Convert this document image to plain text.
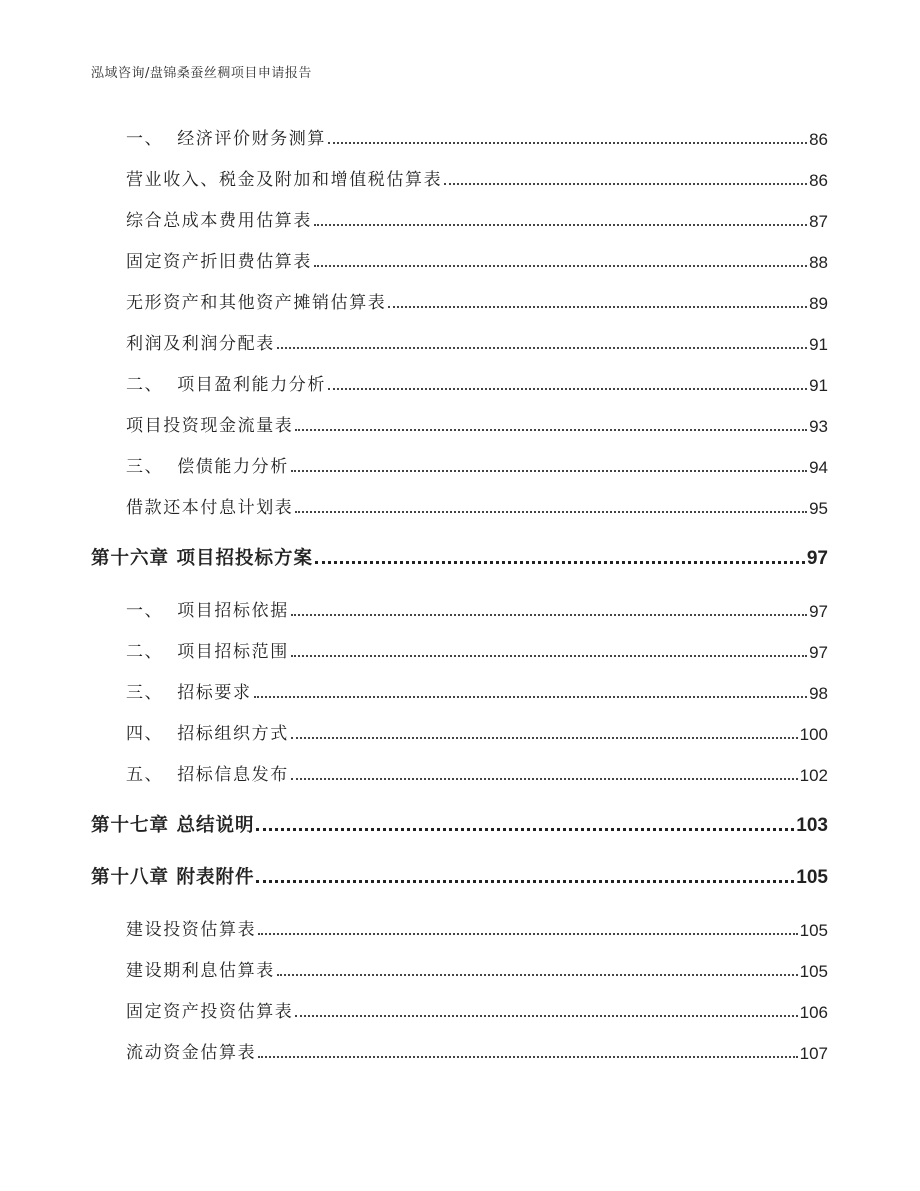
泓域咨询/盘锦桑蚕丝稠项目申请报告
一、 经济评价财务测算	86
营业收入、税金及附加和增值税估算表	86
综合总成本费用估算表	87
固定资产折旧费估算表	88
无形资产和其他资产摊销估算表	89
利润及利润分配表	91
二、 项目盈利能力分析	91
项目投资现金流量表	93
三、 偿债能力分析	94
借款还本付息计划表	95
第十六章 项目招投标方案	97
一、 项目招标依据	97
二、 项目招标范围	97
三、 招标要求	98
四、 招标组织方式	100
五、 招标信息发布	102
第十七章 总结说明	103
第十八章 附表附件	105
建设投资估算表	105
建设期利息估算表	105
固定资产投资估算表	106
流动资金估算表	107
